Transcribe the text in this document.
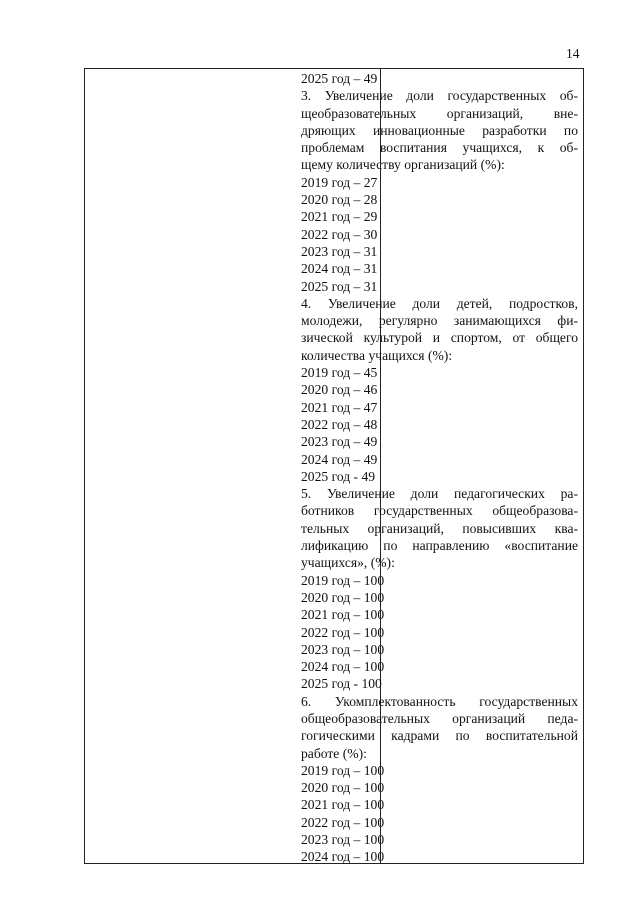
14
2025 год – 49
3. Увеличение доли государственных об-
щеобразовательных организаций, вне-
дряющих инновационные разработки по
проблемам воспитания учащихся, к об-
щему количеству организаций (%):
2019 год – 27
2020 год – 28
2021 год – 29
2022 год – 30
2023 год – 31
2024 год – 31
2025 год – 31
4. Увеличение доли детей, подростков,
молодежи, регулярно занимающихся фи-
зической культурой и спортом, от общего
количества учащихся (%):
2019 год – 45
2020 год – 46
2021 год – 47
2022 год – 48
2023 год – 49
2024 год – 49
2025 год - 49
5. Увеличение доли педагогических ра-
ботников государственных общеобразова-
тельных организаций, повысивших ква-
лификацию по направлению «воспитание
учащихся», (%):
2019 год – 100
2020 год – 100
2021 год – 100
2022 год – 100
2023 год – 100
2024 год – 100
2025 год - 100
6. Укомплектованность государственных
общеобразовательных организаций педа-
гогическими кадрами по воспитательной
работе (%):
2019 год – 100
2020 год – 100
2021 год – 100
2022 год – 100
2023 год – 100
2024 год – 100
